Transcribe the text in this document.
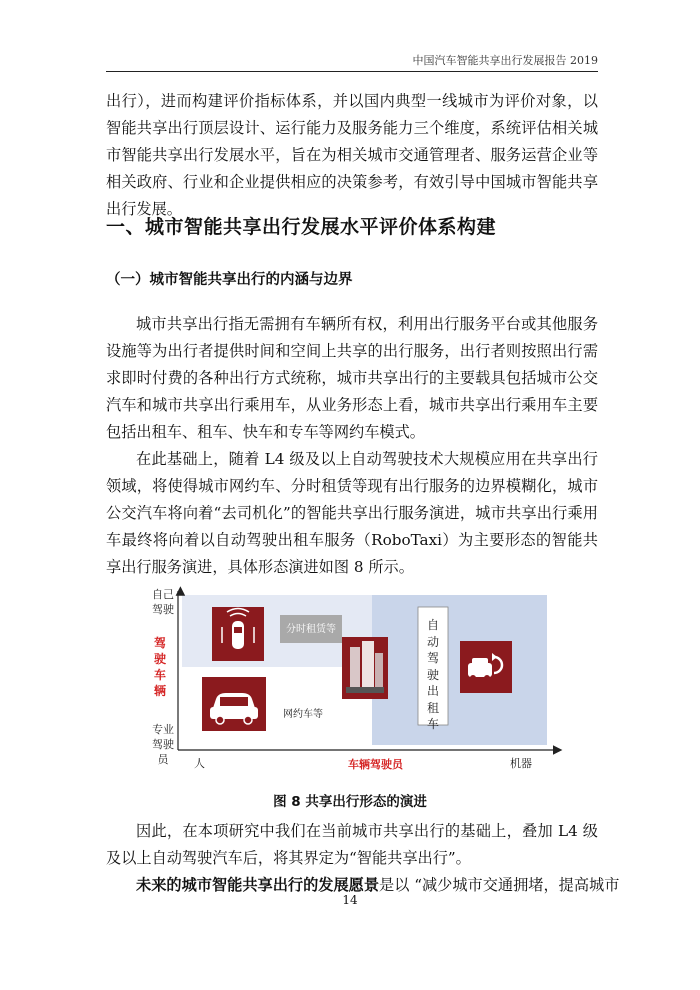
中国汽车智能共享出行发展报告 2019

出行），进而构建评价指标体系，并以国内典型一线城市为评价对象，以智能共享出行顶层设计、运行能力及服务能力三个维度，系统评估相关城市智能共享出行发展水平，旨在为相关城市交通管理者、服务运营企业等相关政府、行业和企业提供相应的决策参考，有效引导中国城市智能共享出行发展。

一、城市智能共享出行发展水平评价体系构建
（一）城市智能共享出行的内涵与边界

城市共享出行指无需拥有车辆所有权，利用出行服务平台或其他服务设施等为出行者提供时间和空间上共享的出行服务，出行者则按照出行需求即时付费的各种出行方式统称，城市共享出行的主要载具包括城市公交汽车和城市共享出行乘用车，从业务形态上看，城市共享出行乘用车主要包括出租车、租车、快车和专车等网约车模式。

在此基础上，随着 L4 级及以上自动驾驶技术大规模应用在共享出行领域，将使得城市网约车、分时租赁等现有出行服务的边界模糊化，城市公交汽车将向着“去司机化”的智能共享出行服务演进，城市共享出行乘用车最终将向着以自动驾驶出租车服务（RoboTaxi）为主要形态的智能共享出行服务演进，具体形态演进如图 8 所示。

自己驾驶
驾驶车辆
专业驾驶员	人	车辆驾驶员	机器
分时租赁等
网约车等
自动驾驶出租车
图 8 共享出行形态的演进

因此，在本项研究中我们在当前城市共享出行的基础上，叠加 L4 级及以上自动驾驶汽车后，将其界定为“智能共享出行”。

未来的城市智能共享出行的发展愿景是以 “减少城市交通拥堵，提高城市

14
